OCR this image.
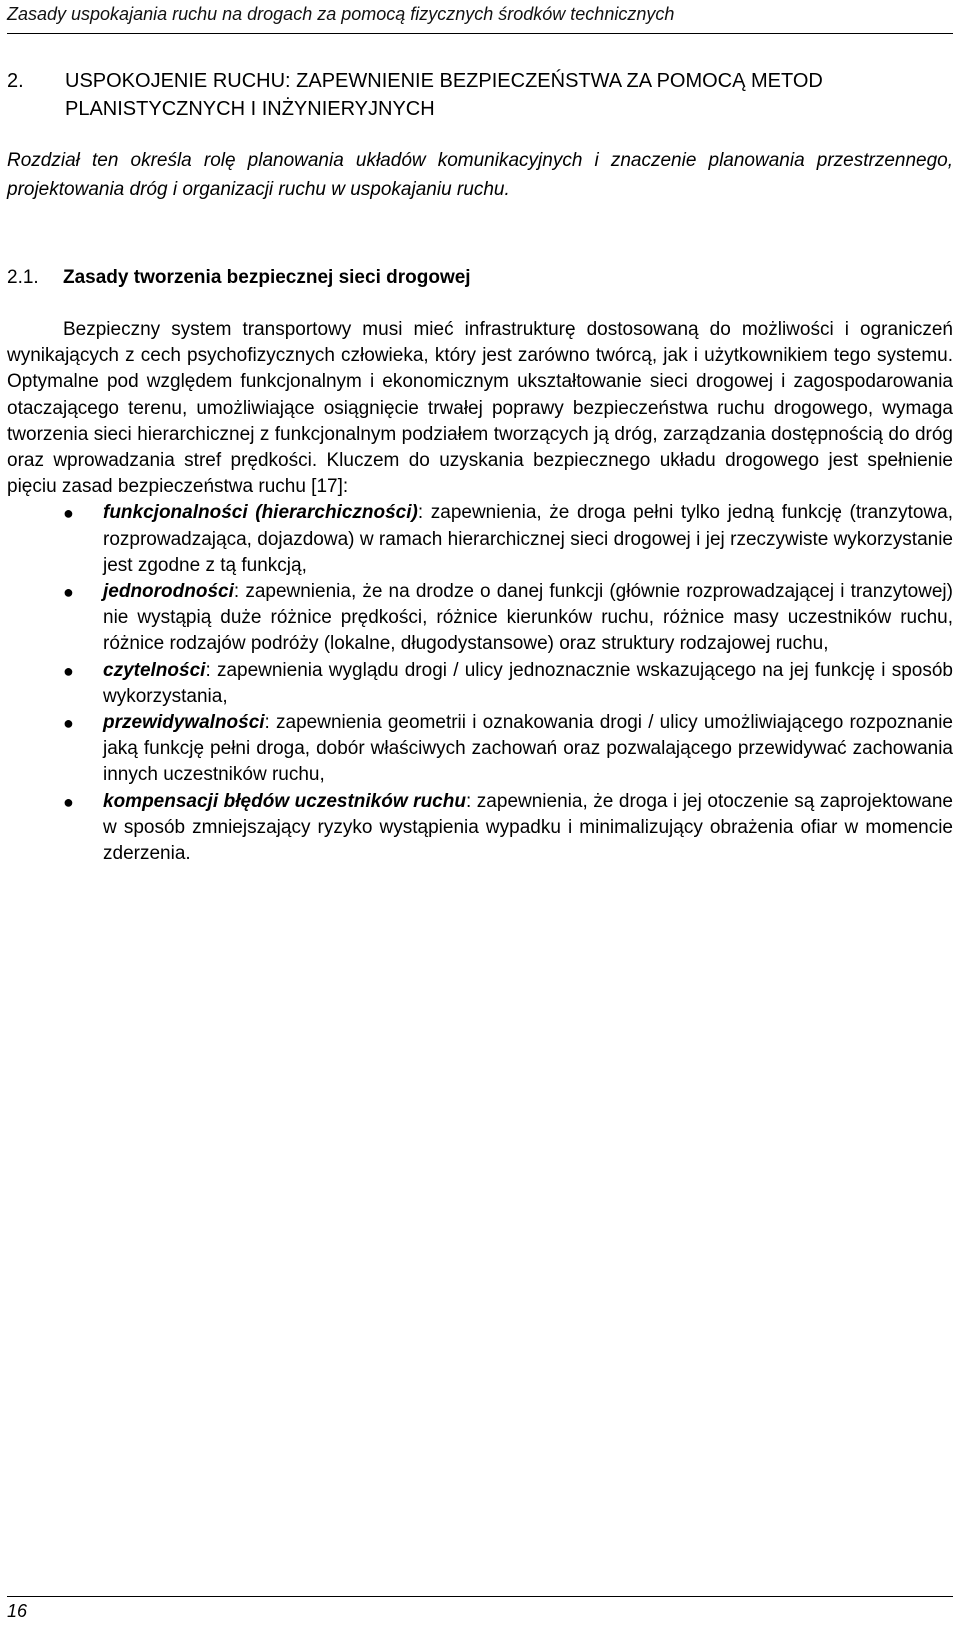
Zasady uspokajania ruchu na drogach za pomocą fizycznych środków technicznych
2. USPOKOJENIE RUCHU: ZAPEWNIENIE BEZPIECZEŃSTWA ZA POMOCĄ METOD PLANISTYCZNYCH I INŻYNIERYJNYCH
Rozdział ten określa rolę planowania układów komunikacyjnych i znaczenie planowania przestrzennego, projektowania dróg i organizacji ruchu w uspokajaniu ruchu.
2.1. Zasady tworzenia bezpiecznej sieci drogowej

Bezpieczny system transportowy musi mieć infrastrukturę dostosowaną do możliwości i ograniczeń wynikających z cech psychofizycznych człowieka, który jest zarówno twórcą, jak i użytkownikiem tego systemu. Optymalne pod względem funkcjonalnym i ekonomicznym ukształtowanie sieci drogowej i zagospodarowania otaczającego terenu, umożliwiające osiągnięcie trwałej poprawy bezpieczeństwa ruchu drogowego, wymaga tworzenia sieci hierarchicznej z funkcjonalnym podziałem tworzących ją dróg, zarządzania dostępnością do dróg oraz wprowadzania stref prędkości. Kluczem do uzyskania bezpiecznego układu drogowego jest spełnienie pięciu zasad bezpieczeństwa ruchu [17]:

● funkcjonalności (hierarchiczności): zapewnienia, że droga pełni tylko jedną funkcję (tranzytowa, rozprowadzająca, dojazdowa) w ramach hierarchicznej sieci drogowej i jej rzeczywiste wykorzystanie jest zgodne z tą funkcją,
● jednorodności: zapewnienia, że na drodze o danej funkcji (głównie rozprowadzającej i tranzytowej) nie wystąpią duże różnice prędkości, różnice kierunków ruchu, różnice masy uczestników ruchu, różnice rodzajów podróży (lokalne, długodystansowe) oraz struktury rodzajowej ruchu,
● czytelności: zapewnienia wyglądu drogi / ulicy jednoznacznie wskazującego na jej funkcję i sposób wykorzystania,
● przewidywalności: zapewnienia geometrii i oznakowania drogi / ulicy umożliwiającego rozpoznanie jaką funkcję pełni droga, dobór właściwych zachowań oraz pozwalającego przewidywać zachowania innych uczestników ruchu,
● kompensacji błędów uczestników ruchu: zapewnienia, że droga i jej otoczenie są zaprojektowane w sposób zmniejszający ryzyko wystąpienia wypadku i minimalizujący obrażenia ofiar w momencie zderzenia.
16
